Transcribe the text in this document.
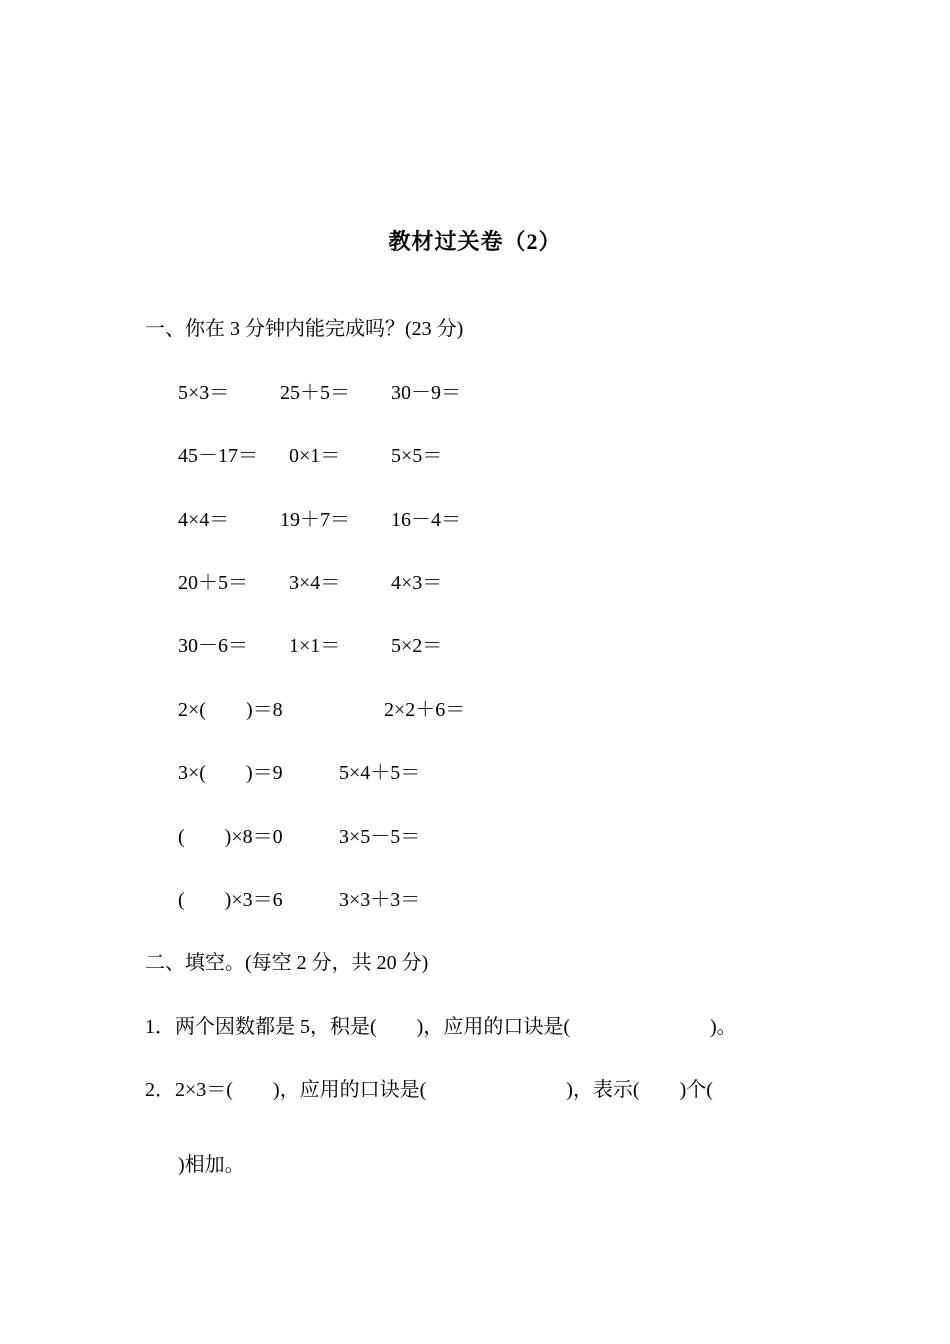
教材过关卷（2）
一、你在 3 分钟内能完成吗？(23 分)
5×3＝	25＋5＝ 30－9＝
45－17＝ 0×1＝	5×5＝
4×4＝	19＋7＝ 16－4＝
20＋5＝ 3×4＝	4×3＝
30－6＝ 1×1＝	5×2＝
2×(　　)＝8	2×2＋6＝
3×(　　)＝9	5×4＋5＝
(　　)×8＝0	3×5－5＝
(　　)×3＝6	3×3＋3＝
二、填空。(每空 2 分，共 20 分)
1．两个因数都是 5，积是(　　)，应用的口诀是(　　　　　　　)。
2．2×3＝(　　)，应用的口诀是(　　　　　　　)，表示(　　)个(
)相加。
